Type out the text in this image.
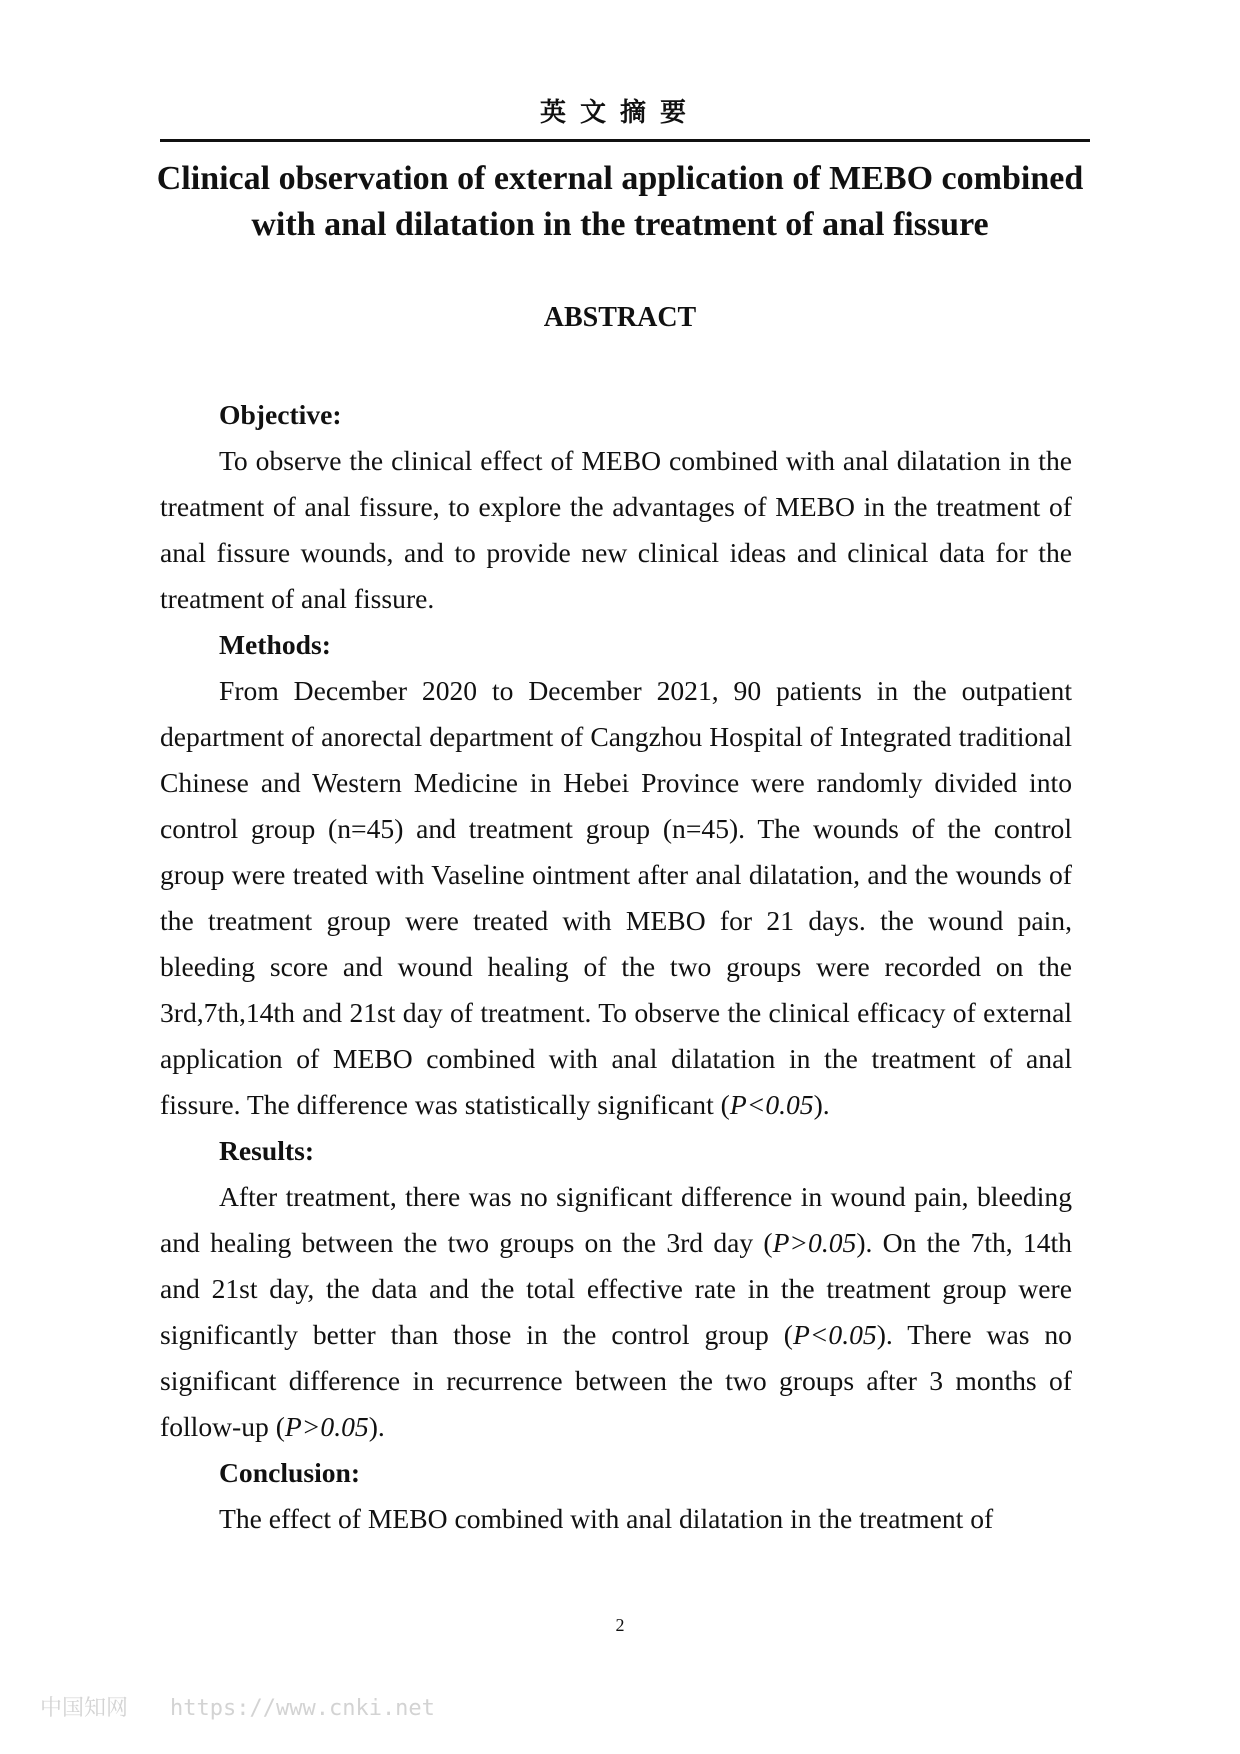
英文摘要
Clinical observation of external application of MEBO combined with anal dilatation in the treatment of anal fissure
ABSTRACT
Objective:

To observe the clinical effect of MEBO combined with anal dilatation in the treatment of anal fissure, to explore the advantages of MEBO in the treatment of anal fissure wounds, and to provide new clinical ideas and clinical data for the treatment of anal fissure.

Methods:

From December 2020 to December 2021, 90 patients in the outpatient department of anorectal department of Cangzhou Hospital of Integrated traditional Chinese and Western Medicine in Hebei Province were randomly divided into control group (n=45) and treatment group (n=45). The wounds of the control group were treated with Vaseline ointment after anal dilatation, and the wounds of the treatment group were treated with MEBO for 21 days. the wound pain, bleeding score and wound healing of the two groups were recorded on the 3rd,7th,14th and 21st day of treatment. To observe the clinical efficacy of external application of MEBO combined with anal dilatation in the treatment of anal fissure. The difference was statistically significant (P<0.05).

Results:

After treatment, there was no significant difference in wound pain, bleeding and healing between the two groups on the 3rd day (P>0.05). On the 7th, 14th and 21st day, the data and the total effective rate in the treatment group were significantly better than those in the control group (P<0.05). There was no significant difference in recurrence between the two groups after 3 months of follow-up (P>0.05).

Conclusion:

The effect of MEBO combined with anal dilatation in the treatment of

2
中国知网 https://www.cnki.net
